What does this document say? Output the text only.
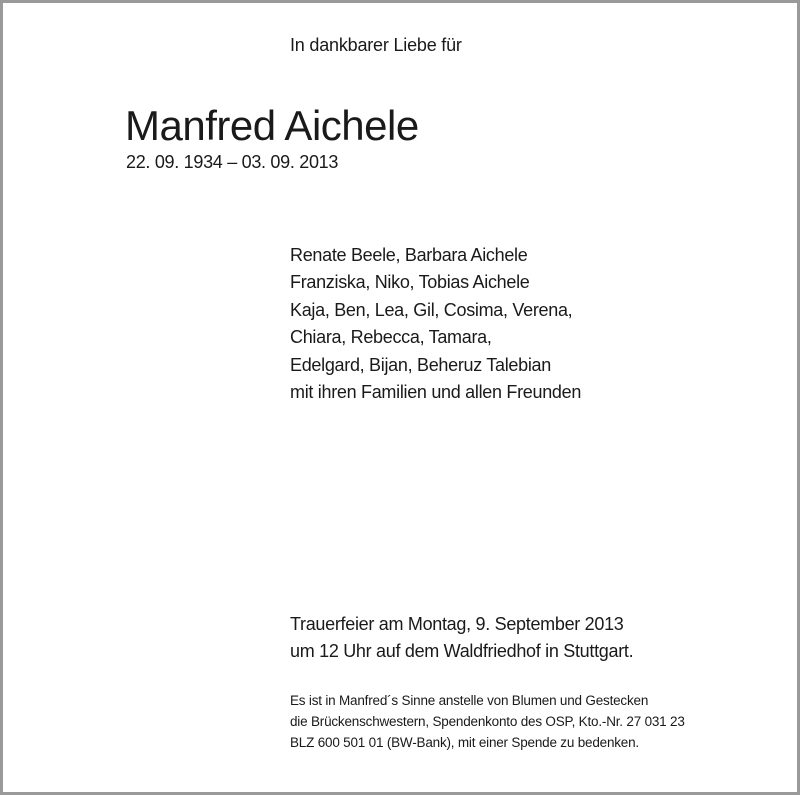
In dankbarer Liebe für
Manfred Aichele
22. 09. 1934 – 03. 09. 2013
Renate Beele, Barbara Aichele
Franziska, Niko, Tobias Aichele
Kaja, Ben, Lea, Gil, Cosima, Verena,
Chiara, Rebecca, Tamara,
Edelgard, Bijan, Beheruz Talebian
mit ihren Familien und allen Freunden
Trauerfeier am Montag, 9. September 2013
um 12 Uhr auf dem Waldfriedhof in Stuttgart.
Es ist in Manfred´s Sinne anstelle von Blumen und Gestecken
die Brückenschwestern, Spendenkonto des OSP, Kto.-Nr. 27 031 23
BLZ 600 501 01 (BW-Bank), mit einer Spende zu bedenken.
